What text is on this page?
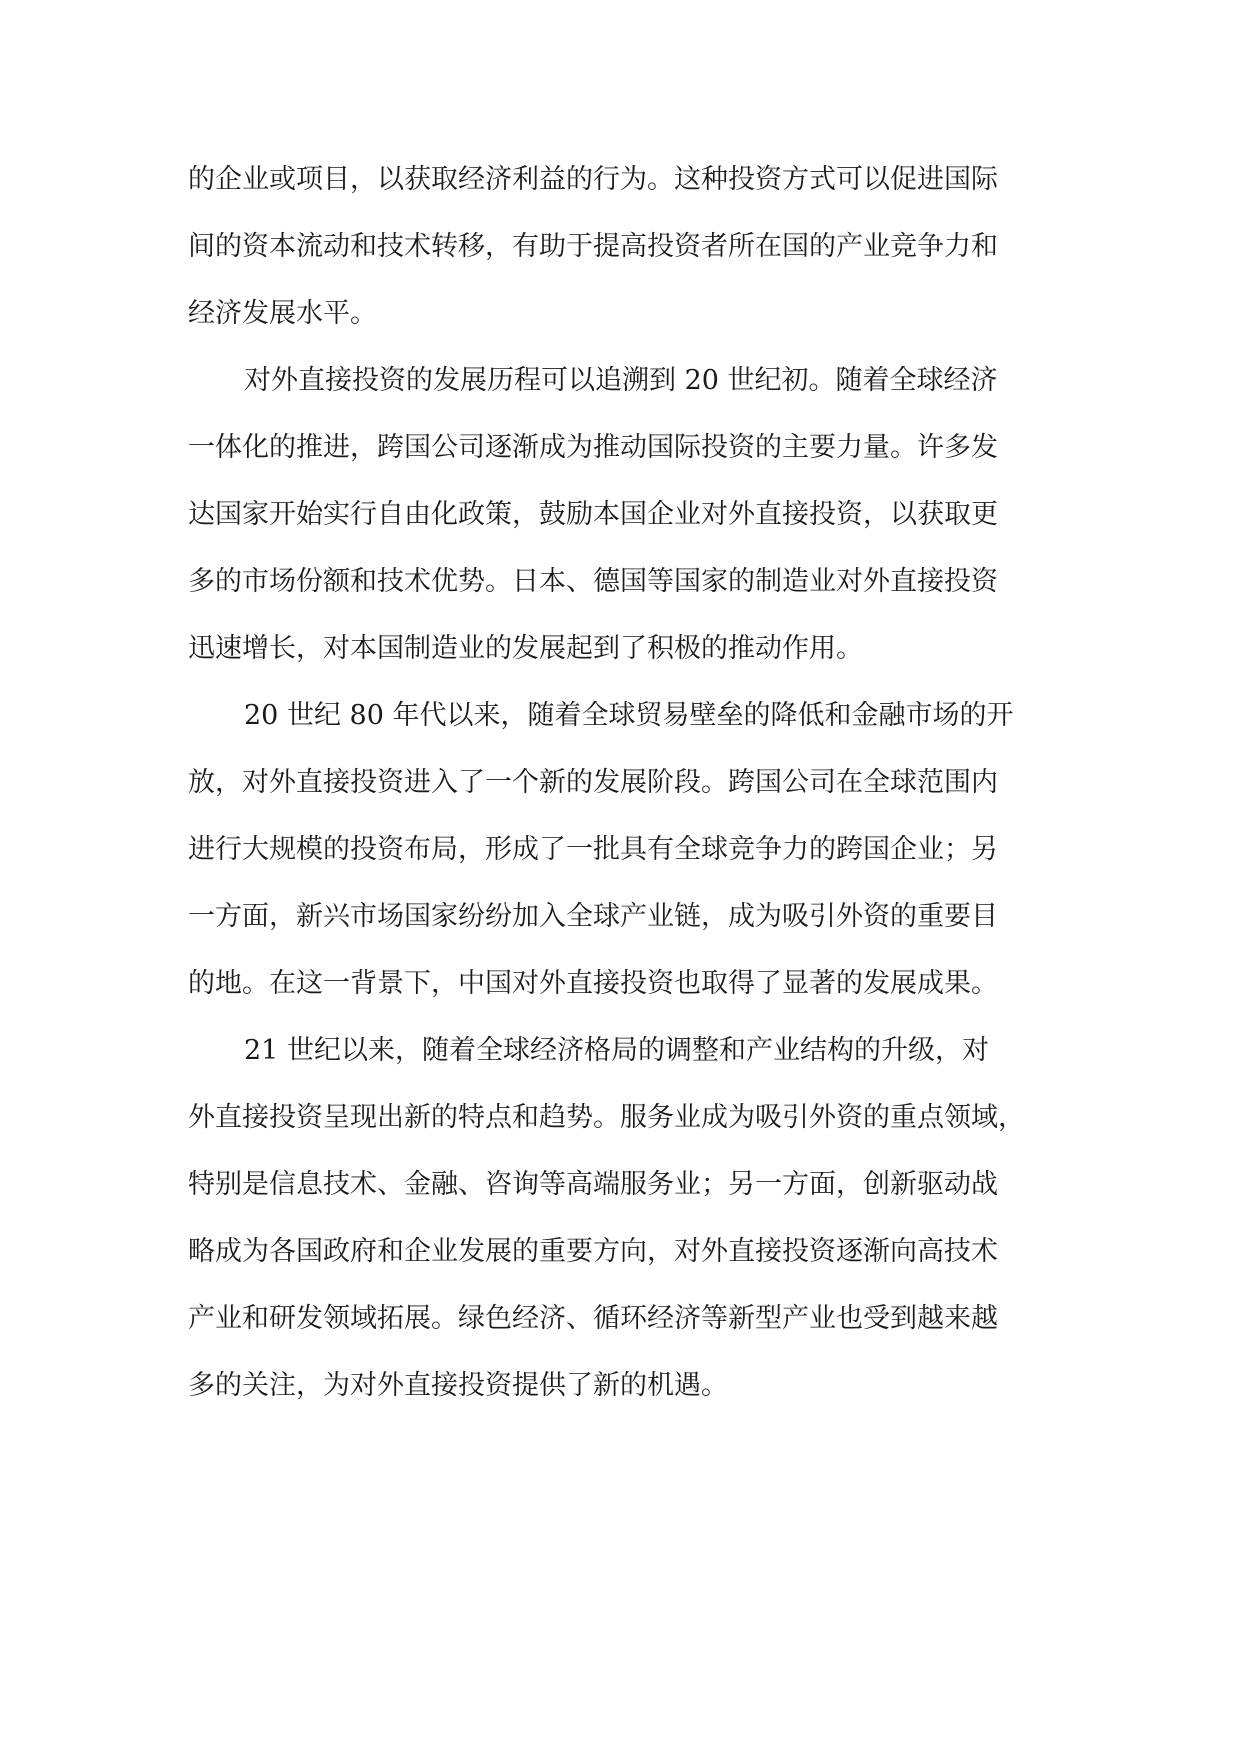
的企业或项目，以获取经济利益的行为。这种投资方式可以促进国际
间的资本流动和技术转移，有助于提高投资者所在国的产业竞争力和
经济发展水平。

对外直接投资的发展历程可以追溯到 20 世纪初。随着全球经济
一体化的推进，跨国公司逐渐成为推动国际投资的主要力量。许多发
达国家开始实行自由化政策，鼓励本国企业对外直接投资，以获取更
多的市场份额和技术优势。日本、德国等国家的制造业对外直接投资
迅速增长，对本国制造业的发展起到了积极的推动作用。

20 世纪 80 年代以来，随着全球贸易壁垒的降低和金融市场的开
放，对外直接投资进入了一个新的发展阶段。跨国公司在全球范围内
进行大规模的投资布局，形成了一批具有全球竞争力的跨国企业；另
一方面，新兴市场国家纷纷加入全球产业链，成为吸引外资的重要目
的地。在这一背景下，中国对外直接投资也取得了显著的发展成果。

21 世纪以来，随着全球经济格局的调整和产业结构的升级，对
外直接投资呈现出新的特点和趋势。服务业成为吸引外资的重点领域，
特别是信息技术、金融、咨询等高端服务业；另一方面，创新驱动战
略成为各国政府和企业发展的重要方向，对外直接投资逐渐向高技术
产业和研发领域拓展。绿色经济、循环经济等新型产业也受到越来越
多的关注，为对外直接投资提供了新的机遇。
